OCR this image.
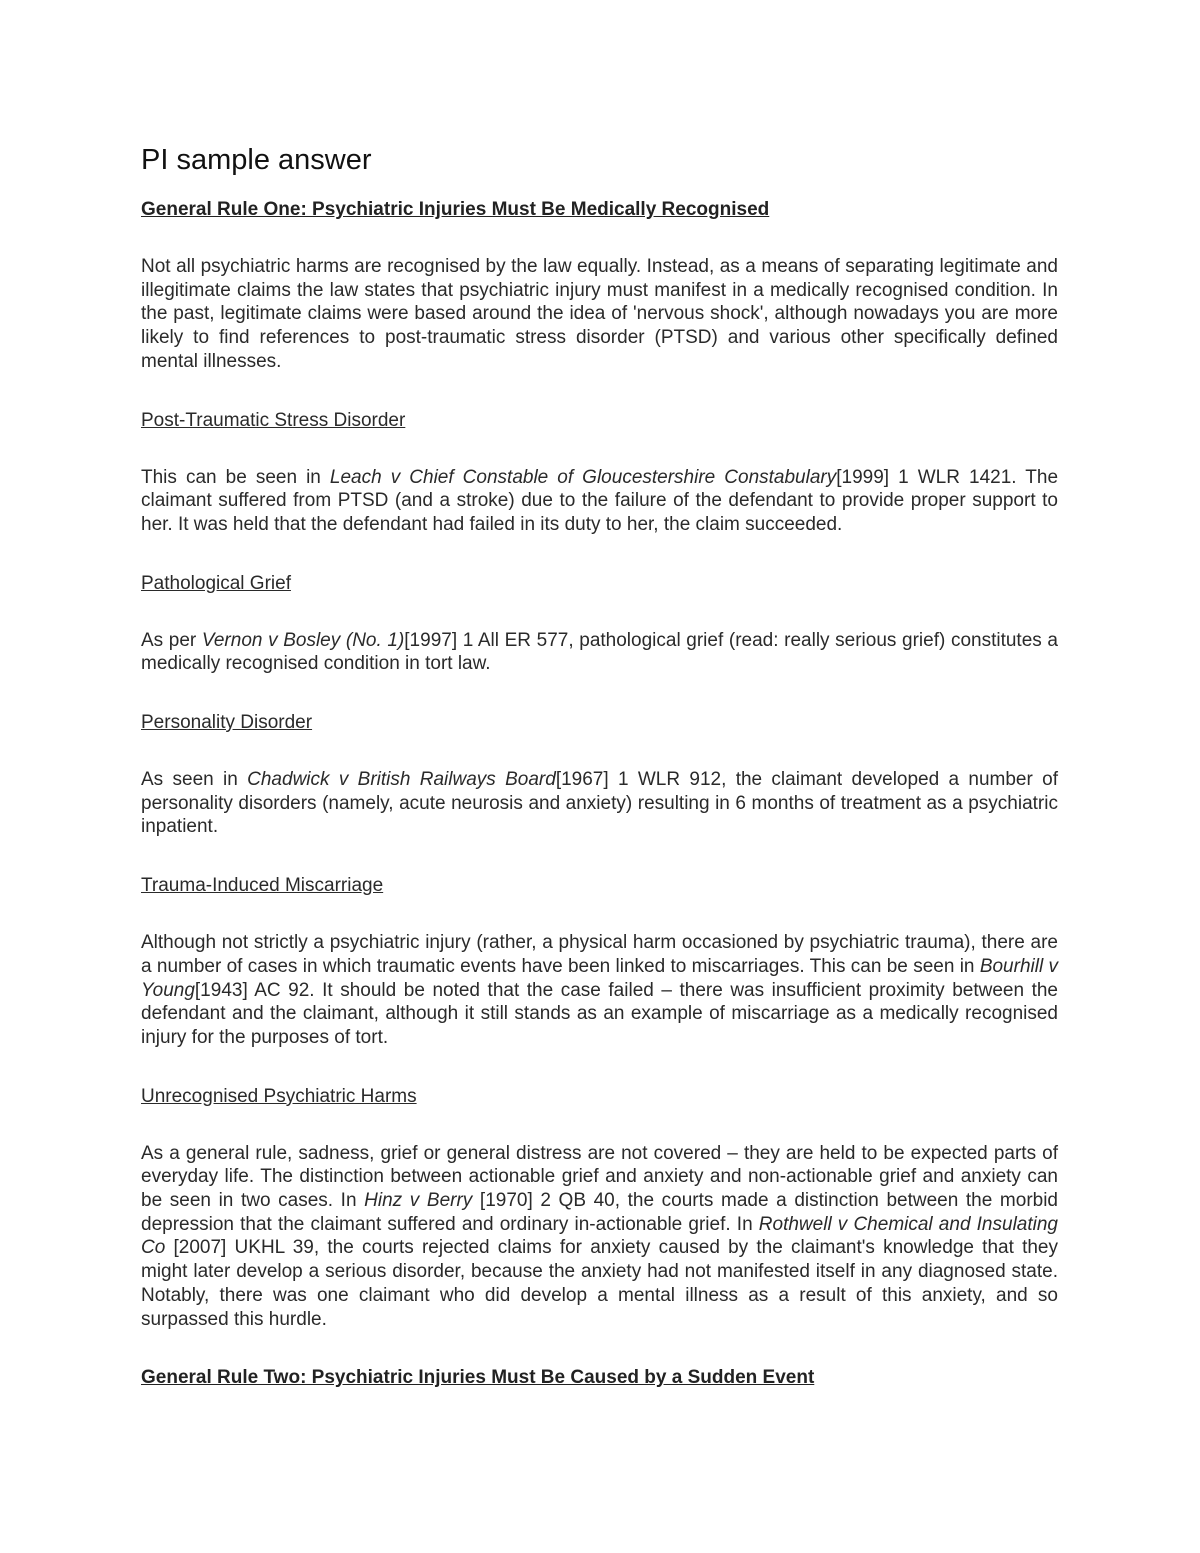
PI sample answer
General Rule One: Psychiatric Injuries Must Be Medically Recognised

Not all psychiatric harms are recognised by the law equally. Instead, as a means of separating legitimate and illegitimate claims the law states that psychiatric injury must manifest in a medically recognised condition. In the past, legitimate claims were based around the idea of 'nervous shock', although nowadays you are more likely to find references to post-traumatic stress disorder (PTSD) and various other specifically defined mental illnesses.

Post-Traumatic Stress Disorder

This can be seen in Leach v Chief Constable of Gloucestershire Constabulary[1999] 1 WLR 1421. The claimant suffered from PTSD (and a stroke) due to the failure of the defendant to provide proper support to her. It was held that the defendant had failed in its duty to her, the claim succeeded.

Pathological Grief

As per Vernon v Bosley (No. 1)[1997] 1 All ER 577, pathological grief (read: really serious grief) constitutes a medically recognised condition in tort law.

Personality Disorder

As seen in Chadwick v British Railways Board[1967] 1 WLR 912, the claimant developed a number of personality disorders (namely, acute neurosis and anxiety) resulting in 6 months of treatment as a psychiatric inpatient.

Trauma-Induced Miscarriage

Although not strictly a psychiatric injury (rather, a physical harm occasioned by psychiatric trauma), there are a number of cases in which traumatic events have been linked to miscarriages. This can be seen in Bourhill v Young[1943] AC 92. It should be noted that the case failed – there was insufficient proximity between the defendant and the claimant, although it still stands as an example of miscarriage as a medically recognised injury for the purposes of tort.

Unrecognised Psychiatric Harms

As a general rule, sadness, grief or general distress are not covered – they are held to be expected parts of everyday life. The distinction between actionable grief and anxiety and non-actionable grief and anxiety can be seen in two cases. In Hinz v Berry [1970] 2 QB 40, the courts made a distinction between the morbid depression that the claimant suffered and ordinary in-actionable grief. In Rothwell v Chemical and Insulating Co [2007] UKHL 39, the courts rejected claims for anxiety caused by the claimant's knowledge that they might later develop a serious disorder, because the anxiety had not manifested itself in any diagnosed state. Notably, there was one claimant who did develop a mental illness as a result of this anxiety, and so surpassed this hurdle.

General Rule Two: Psychiatric Injuries Must Be Caused by a Sudden Event
